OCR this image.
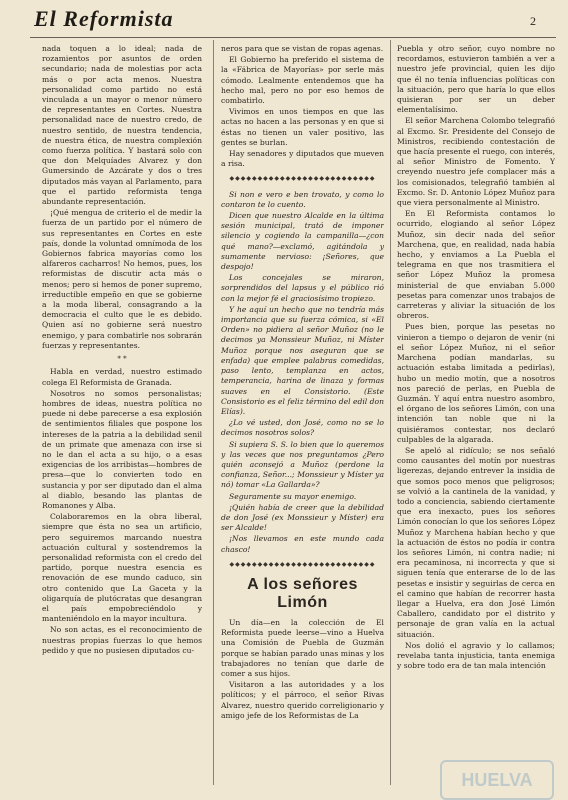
El Reformista	2

nada toquen a lo ideal; nada de rozamientos por asuntos de orden secundario; nada de molestias por acta más o por acta menos. Nuestra personalidad como partido no está vinculada a un mayor o menor número de representantes en Cortes. Nuestra personalidad nace de nuestro credo, de nuestro sentido, de nuestra tendencia, de nuestra ética, de nuestra complexión como fuerza política. Y bastará solo con que don Melquíades Alvarez y don Gumersindo de Azcárate y dos o tres diputados más vayan al Parlamento, para que el partido reformista tenga abundante representación.

¡Qué mengua de criterio el de medir la fuerza de un partido por el número de sus representantes en Cortes en este país, donde la voluntad omnímoda de los Gobiernos fabrica mayorías como los alfareros cacharros! No hemos, pues, los reformistas de discutir acta más o menos; pero si hemos de poner supremo, irreductible empeño en que se gobierne a la moda liberal, consagrando a la democracia el culto que le es debido. Quien así no gobierne será nuestro enemigo, y para combatirle nos sobrarán fuerzas y representantes.

* *

Habla en verdad, nuestro estimado colega El Reformista de Granada.

Nosotros no somos personalistas; hombres de ideas, nuestra política no puede ni debe parecerse a esa explosión de sentimientos filiales que pospone los intereses de la patria a la debilidad senil de un primate que amenaza con irse si no le dan el acta a su hijo, o a esas exigencias de los arribistas—hombres de presa—que lo convierten todo en sustancia y por ser diputado dan el alma al diablo, besando las plantas de Romanones y Alba.

Colaboraremos en la obra liberal, siempre que ésta no sea un artificio, pero seguiremos marcando nuestra actuación cultural y sostendremos la personalidad reformista con el credo del partido, porque nuestra esencia es renovación de ese mundo caduco, sin otro contenido que La Gaceta y la oligarquía de plutócratas que desangran el país empobreciéndolo y manteniéndolo en la mayor incultura.

No son actas, es el reconocimiento de nuestras propias fuerzas lo que hemos pedido y que no pusiesen diputados cu-

neros para que se vistan de ropas agenas.

El Gobierno ha preferido el sistema de la «Fábrica de Mayorías» por serle más cómodo. Lealmente entendemos que ha hecho mal, pero no por eso hemos de combatirlo.

Vivimos en unos tiempos en que las actas no hacen a las personas y en que si éstas no tienen un valer positivo, las gentes se burlan.

Hay senadores y diputados que mueven a risa.

◆◆◆◆◆◆◆◆◆◆◆◆◆◆◆◆◆◆◆◆◆◆◆◆◆◆

Si non e vero e ben trovato, y como lo contaron te lo cuento.

Dicen que nuestro Alcalde en la última sesión municipal, trató de imponer silencio y cogiendo la campanilla—¿con qué mano?—exclamó, agitándola y sumamente nervioso: ¡Señores, que despojo!

Los concejales se miraron, sorprendidos del lapsus y el público rió con la mejor fé el graciosísimo tropiezo.

Y he aquí un hecho que no tendría más importancia que su fuerza cómica, si «El Orden» no pidiera al señor Muñoz (no le decimos ya Monssieur Muñoz, ni Míster Muñoz porque nos aseguran que se enfada) que emplee palabras comedidas, paso lento, templanza en actos, temperancia, harina de linaza y formas suaves en el Consistorio. (Este Consistorio es el feliz término del edil don Elías).

¿Lo vé usted, don José, como no se lo decimos nosotros solos?

Si supiera S. S. lo bien que lo queremos y las veces que nos preguntamos ¿Pero quién aconsejó a Muñoz (perdone la confianza, Señor...; Monssieur y Míster ya nó) tomar «La Gallarda»?

Seguramente su mayor enemigo.

¡Quién había de creer que la debilidad de don José (ex Monssieur y Míster) era ser Alcalde!

¡Nos llevamos en este mundo cada chasco!

◆◆◆◆◆◆◆◆◆◆◆◆◆◆◆◆◆◆◆◆◆◆◆◆◆◆
A los señores Limón

Un día—en la colección de El Reformista puede leerse—vino a Huelva una Comisión de Puebla de Guzmán porque se habían parado unas minas y los trabajadores no tenían que darle de comer a sus hijos.

Visitaron a las autoridades y a los políticos; y el párroco, el señor Rivas Alvarez, nuestro querido correligionario y amigo jefe de los Reformistas de La

Puebla y otro señor, cuyo nombre no recordamos, estuvieron también a ver a nuestro jefe provincial, quien les dijo que él no tenía influencias políticas con la situación, pero que haría lo que ellos quisieran por ser un deber elementalísimo.

El señor Marchena Colombo telegrafió al Excmo. Sr. Presidente del Consejo de Ministros, recibiendo contestación de que hacía presente el ruego, con interés, al señor Ministro de Fomento. Y creyendo nuestro jefe complacer más a los comisionados, telegrafió también al Excmo. Sr. D. Antonio López Muñoz para que viera personalmente al Ministro.

En El Reformista contamos lo ocurrido, elogiando al señor López Muñoz, sin decir nada del señor Marchena, que, en realidad, nada había hecho, y enviamos a La Puebla el telegrama en que nos trasmitiera el señor López Muñoz la promesa ministerial de que enviaban 5.000 pesetas para comenzar unos trabajos de carreteras y aliviar la situación de los obreros.

Pues bien, porque las pesetas no vinieron a tiempo o dejaron de venir (ni el señor López Muñoz, ni el señor Marchena podían mandarlas, su actuación estaba limitada a pedirlas), hubo un medio motín, que a nosotros nos pareció de perlas, en Puebla de Guzmán. Y aquí entra nuestro asombro, el órgano de los señores Limón, con una intención tan noble que ni la quisiéramos contestar, nos declaró culpables de la algarada.

Se apeló al ridículo; se nos señaló como causantes del motín por nuestras ligerezas, dejando entrever la insidia de que somos poco menos que peligrosos; se volvió a la cantinela de la vanidad, y todo a conciencia, sabiendo ciertamente que era inexacto, pues los señores Limón conocían lo que los señores López Muñoz y Marchena habían hecho y que la actuación de éstos no podía ir contra los señores Limón, ni contra nadie; ni era pecaminosa, ni incorrecta y que si siguen tenía que enterarse de lo de las pesetas e insistir y seguirlas de cerca en el camino que habían de recorrer hasta llegar a Huelva, era don José Limón Caballero, candidato por el distrito y personaje de gran valía en la actual situación.

Nos dolió el agravio y lo callamos; revelaba tanta injusticia, tanta enemiga y sobre todo era de tan mala intención

HUELVA
